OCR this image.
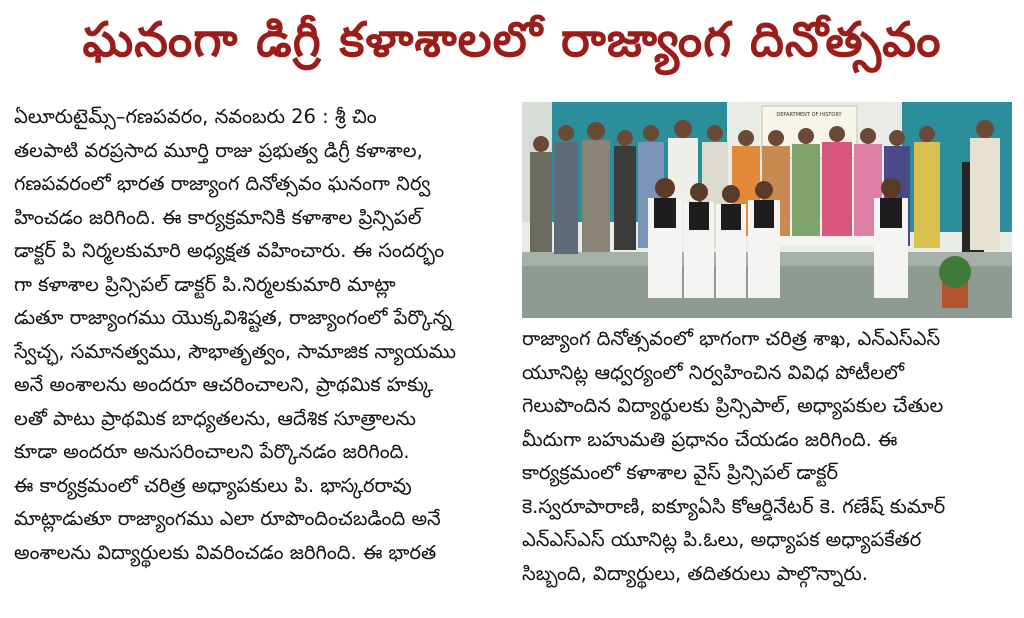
ఘనంగా డిగ్రీ కళాశాలలో రాజ్యాంగ దినోత్సవం
ఏలూరుటైమ్స్‌–గణపవరం, నవంబరు 26 : శ్రీ చిం
తలపాటి వరప్రసాద మూర్తి రాజు ప్రభుత్వ డిగ్రీ కళాశాల,
గణపవరంలో భారత రాజ్యాంగ దినోత్సవం ఘనంగా నిర్వ
హించడం జరిగింది. ఈ కార్యక్రమానికి కళాశాల ప్రిన్సిపల్‌
డాక్టర్‌ పి నిర్మలకుమారి అధ్యక్షత వహించారు. ఈ సందర్భం
గా కళాశాల ప్రిన్సిపల్‌ డాక్టర్‌ పి.నిర్మలకుమారి మాట్లా
డుతూ రాజ్యాంగము యొక్కవిశిష్టత, రాజ్యాంగంలో పేర్కొన్న
స్వేచ్ఛ, సమానత్వము, సౌభాతృత్వం, సామాజిక న్యాయము
అనే అంశాలను అందరూ ఆచరించాలని, ప్రాథమిక హక్కు
లతో పాటు ప్రాథమిక బాధ్యతలను, ఆదేశిక సూత్రాలను
కూడా అందరూ అనుసరించాలని పేర్కొనడం జరిగింది.
ఈ కార్యక్రమంలో చరిత్ర అధ్యాపకులు పి. భాస్కరరావు
మాట్లాడుతూ రాజ్యాంగము ఎలా రూపొందించబడింది అనే
అంశాలను విద్యార్థులకు వివరించడం జరిగింది. ఈ భారత
DEPARTMENT OF HISTORY
రాజ్యాంగ దినోత్సవంలో భాగంగా చరిత్ర శాఖ, ఎన్‌ఎస్‌ఎస్‌
యూనిట్ల ఆధ్వర్యంలో నిర్వహించిన వివిధ పోటీలలో
గెలుపొందిన విద్యార్థులకు ప్రిన్సిపాల్‌, అధ్యాపకుల చేతుల
మీదుగా బహుమతి ప్రధానం చేయడం జరిగింది. ఈ
కార్యక్రమంలో కళాశాల వైస్‌ ప్రిన్సిపల్‌ డాక్టర్‌
కె.స్వరూపారాణి, ఐక్యూఏసి కోఆర్డినేటర్‌ కె. గణేష్‌ కుమార్‌
ఎన్‌ఎస్‌ఎస్‌ యూనిట్ల పి.ఓలు, అధ్యాపక అధ్యాపకేతర
సిబ్బంది, విద్యార్థులు, తదితరులు పాల్గొన్నారు.
